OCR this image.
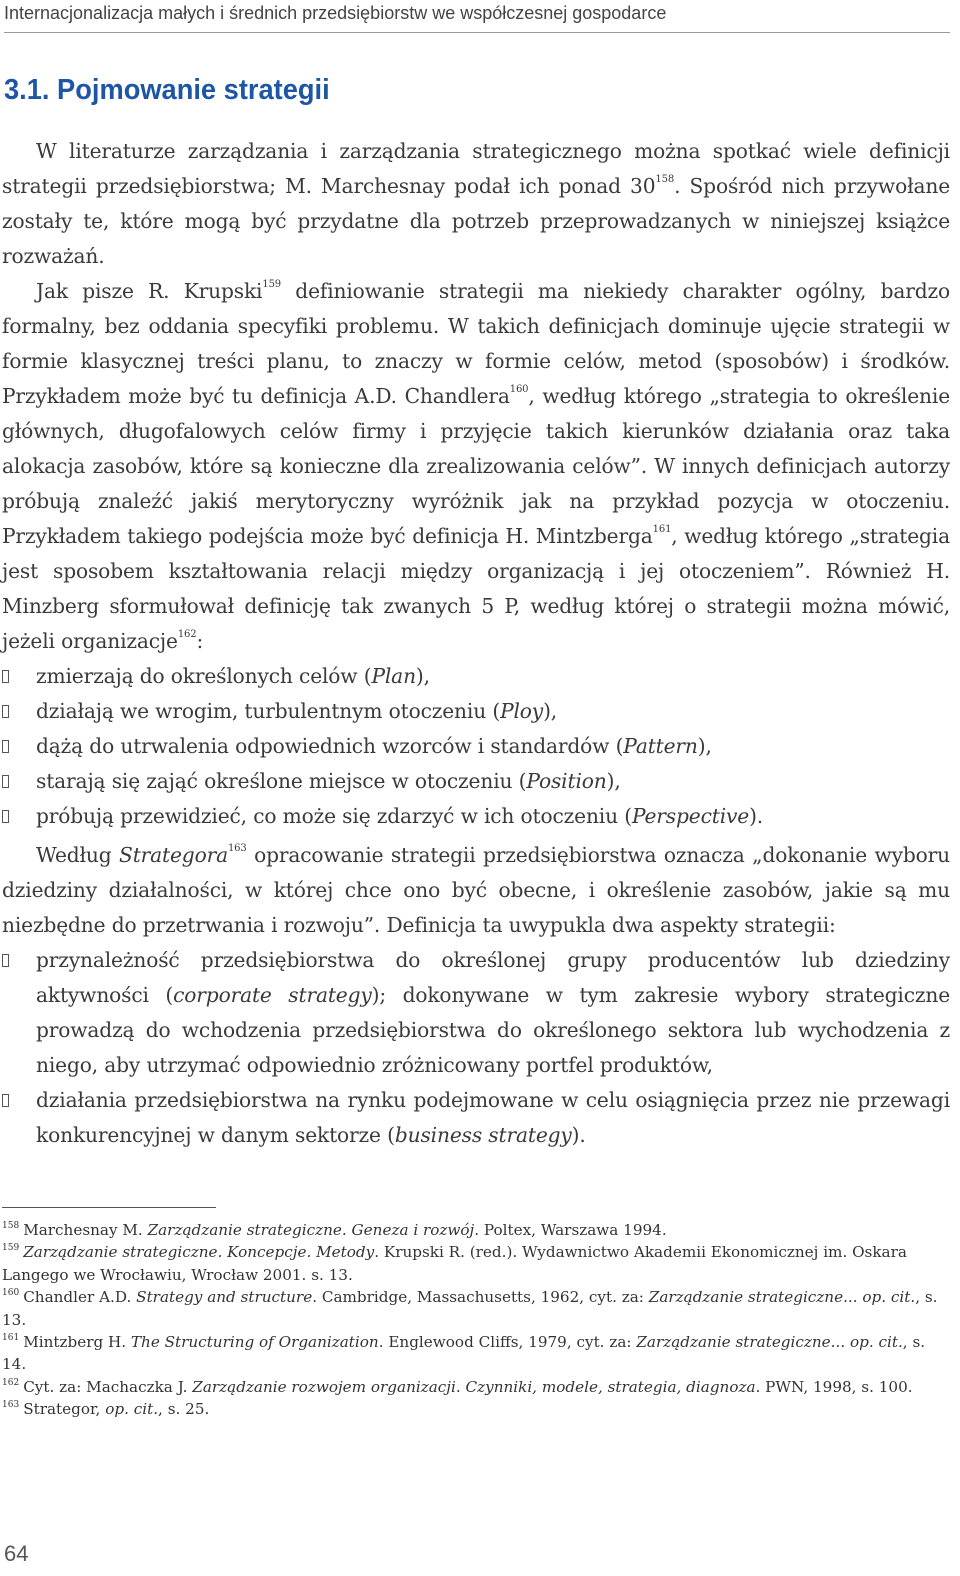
Internacjonalizacja małych i średnich przedsiębiorstw we współczesnej gospodarce
3.1. Pojmowanie strategii

W literaturze zarządzania i zarządzania strategicznego można spotkać wiele definicji strategii przedsiębiorstwa; M. Marchesnay podał ich ponad $30^{158}$. Spośród nich przywołane zostały te, które mogą być przydatne dla potrzeb przeprowadzanych w niniejszej książce rozważań.

Jak pisze R. Krupski$^{159}$ definiowanie strategii ma niekiedy charakter ogólny, bardzo formalny, bez oddania specyfiki problemu. W takich definicjach dominuje ujęcie strategii w formie klasycznej treści planu, to znaczy w formie celów, metod (sposobów) i środków. Przykładem może być tu definicja A.D. Chandlera$^{160}$, według którego „strategia to określenie głównych, długofalowych celów firmy i przyjęcie takich kierunków działania oraz taka alokacja zasobów, które są konieczne dla zrealizowania celów”. W innych definicjach autorzy próbują znaleźć jakiś merytoryczny wyróżnik jak na przykład pozycja w otoczeniu. Przykładem takiego podejścia może być definicja H. Mintzberga$^{161}$, według którego „strategia jest sposobem kształtowania relacji między organizacją i jej otoczeniem”. Również H. Minzberg sformułował definicję tak zwanych 5 P, według której o strategii można mówić, jeżeli organizacje$^{162}$:

zmierzają do określonych celów (Plan),
działają we wrogim, turbulentnym otoczeniu (Ploy),
dążą do utrwalenia odpowiednich wzorców i standardów (Pattern),
starają się zająć określone miejsce w otoczeniu (Position),
próbują przewidzieć, co może się zdarzyć w ich otoczeniu (Perspective).

Według Strategora$^{163}$ opracowanie strategii przedsiębiorstwa oznacza „dokonanie wyboru dziedziny działalności, w której chce ono być obecne, i określenie zasobów, jakie są mu niezbędne do przetrwania i rozwoju”. Definicja ta uwypukla dwa aspekty strategii:

przynależność przedsiębiorstwa do określonej grupy producentów lub dziedziny aktywności (corporate strategy); dokonywane w tym zakresie wybory strategiczne prowadzą do wchodzenia przedsiębiorstwa do określonego sektora lub wychodzenia z niego, aby utrzymać odpowiednio zróżnicowany portfel produktów,
działania przedsiębiorstwa na rynku podejmowane w celu osiągnięcia przez nie przewagi konkurencyjnej w danym sektorze (business strategy).
$^{158}$ Marchesnay M. Zarządzanie strategiczne. Geneza i rozwój. Poltex, Warszawa 1994.
$^{159}$ Zarządzanie strategiczne. Koncepcje. Metody. Krupski R. (red.). Wydawnictwo Akademii Ekonomicznej im. Oskara Langego we Wrocławiu, Wrocław 2001. s. 13.
$^{160}$ Chandler A.D. Strategy and structure. Cambridge, Massachusetts, 1962, cyt. za: Zarządzanie strategiczne... op. cit., s. 13.
$^{161}$ Mintzberg H. The Structuring of Organization. Englewood Cliffs, 1979, cyt. za: Zarządzanie strategiczne... op. cit., s. 14.
$^{162}$ Cyt. za: Machaczka J. Zarządzanie rozwojem organizacji. Czynniki, modele, strategia, diagnoza. PWN, 1998, s. 100.
$^{163}$ Strategor, op. cit., s. 25.
64
